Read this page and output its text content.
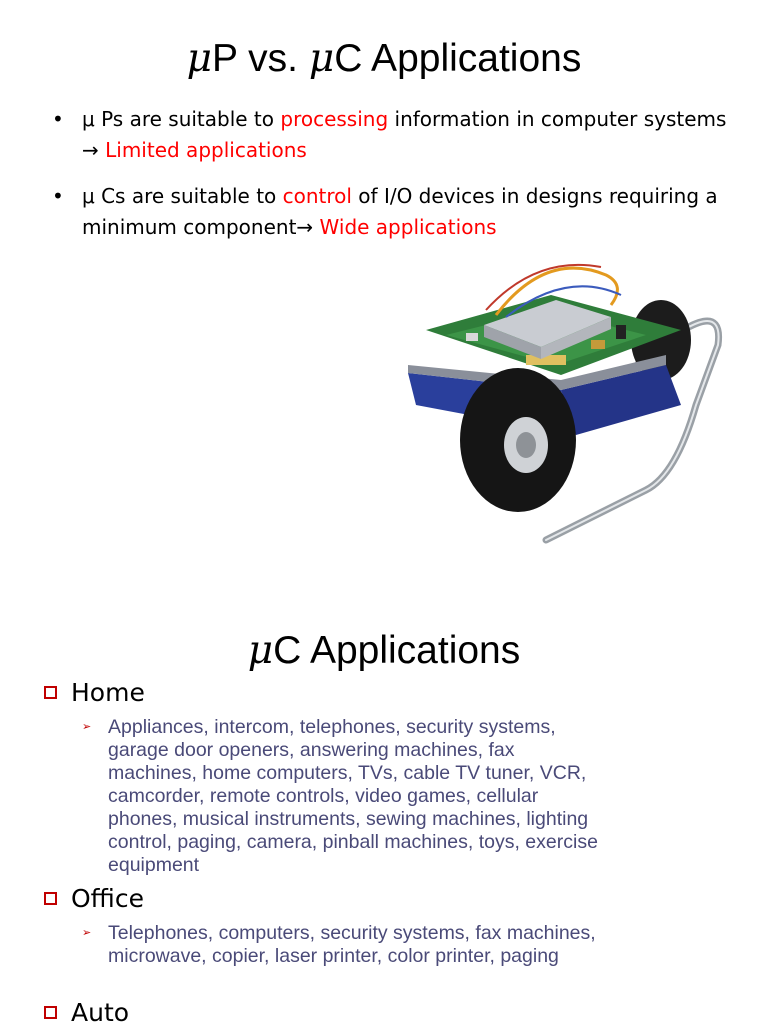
μP vs. μC Applications
• μ Ps are suitable to processing information in computer systems → Limited applications
• μ Cs are suitable to control of I/O devices in designs requiring a minimum component→ Wide applications
μC Applications
Home
➢ Appliances, intercom, telephones, security systems, garage door openers, answering machines, fax machines, home computers, TVs, cable TV tuner, VCR, camcorder, remote controls, video games, cellular phones, musical instruments, sewing machines, lighting control, paging, camera, pinball machines, toys, exercise equipment
Office
➢ Telephones, computers, security systems, fax machines, microwave, copier, laser printer, color printer, paging
Auto
